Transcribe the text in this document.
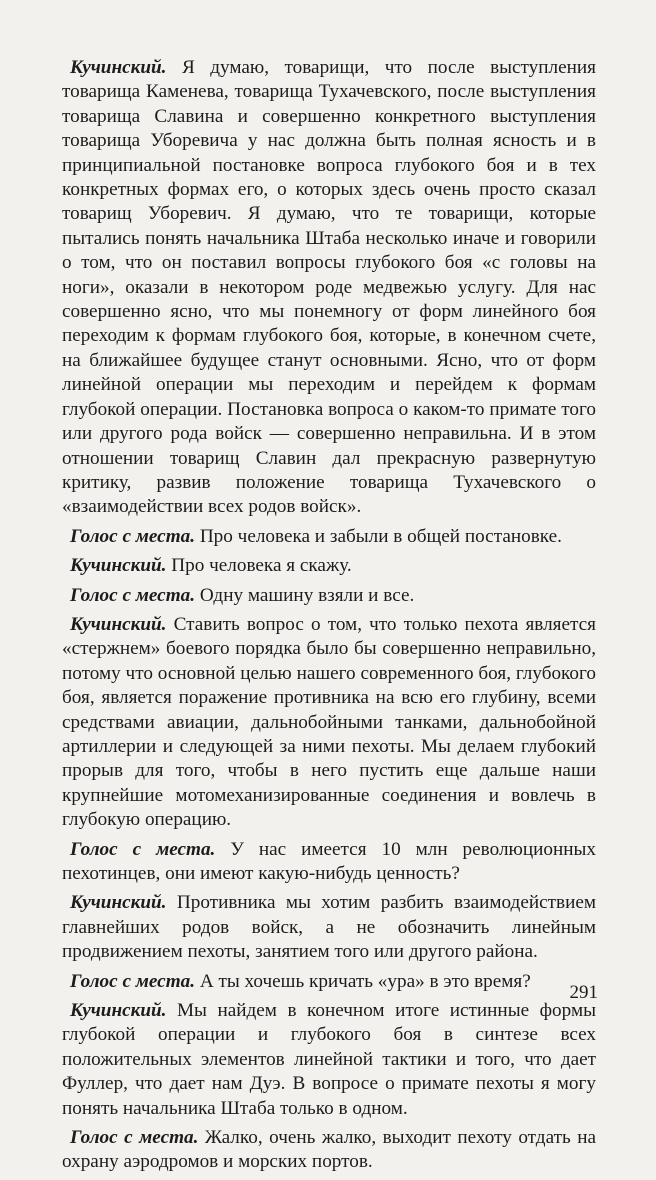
Кучинский. Я думаю, товарищи, что после выступления товарища Каменева, товарища Тухачевского, после выступления товарища Славина и совершенно конкретного выступления товарища Уборевича у нас должна быть полная ясность и в принципиальной постановке вопроса глубокого боя и в тех конкретных формах его, о которых здесь очень просто сказал товарищ Уборевич. Я думаю, что те товарищи, которые пытались понять начальника Штаба несколько иначе и говорили о том, что он поставил вопросы глубокого боя «с головы на ноги», оказали в некотором роде медвежью услугу. Для нас совершенно ясно, что мы понемногу от форм линейного боя переходим к формам глубокого боя, которые, в конечном счете, на ближайшее будущее станут основными. Ясно, что от форм линейной операции мы переходим и перейдем к формам глубокой операции. Постановка вопроса о каком-то примате того или другого рода войск — совершенно неправильна. И в этом отношении товарищ Славин дал прекрасную развернутую критику, развив положение товарища Тухачевского о «взаимодействии всех родов войск».

Голос с места. Про человека и забыли в общей постановке.

Кучинский. Про человека я скажу.

Голос с места. Одну машину взяли и все.

Кучинский. Ставить вопрос о том, что только пехота является «стержнем» боевого порядка было бы совершенно неправильно, потому что основной целью нашего современного боя, глубокого боя, является поражение противника на всю его глубину, всеми средствами авиации, дальнобойными танками, дальнобойной артиллерии и следующей за ними пехоты. Мы делаем глубокий прорыв для того, чтобы в него пустить еще дальше наши крупнейшие мотомеханизированные соединения и вовлечь в глубокую операцию.

Голос с места. У нас имеется 10 млн революционных пехотинцев, они имеют какую-нибудь ценность?

Кучинский. Противника мы хотим разбить взаимодействием главнейших родов войск, а не обозначить линейным продвижением пехоты, занятием того или другого района.

Голос с места. А ты хочешь кричать «ура» в это время?

Кучинский. Мы найдем в конечном итоге истинные формы глубокой операции и глубокого боя в синтезе всех положительных элементов линейной тактики и того, что дает Фуллер, что дает нам Дуэ. В вопросе о примате пехоты я могу понять начальника Штаба только в одном.

Голос с места. Жалко, очень жалко, выходит пехоту отдать на охрану аэродромов и морских портов.

291
